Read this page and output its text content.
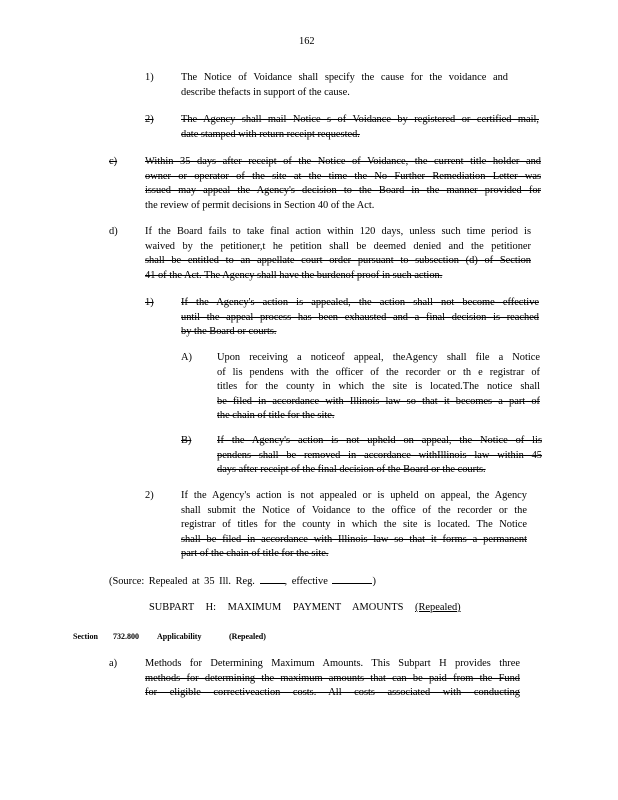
162
1)	The Notice of Voidance shall specify the cause for the voidance and
describe thefacts in support of the cause.
2)	The Agency shall mail Notice s of Voidance by registered or certified mail,
date stamped with return receipt requested.
c)	Within 35 days after receipt of the Notice of Voidance, the current title holder and
owner or operator of the site at the time the No Further Remediation Letter was
issued may appeal the Agency's decision to the Board in the manner provided for
the review of permit decisions in Section 40 of the Act.
d)	If the Board fails to take final action within 120 days, unless such time period is
waived by the petitioner,t he petition shall be deemed denied and the petitioner
shall be entitled to an appellate court order pursuant to subsection (d) of Section
41 of the Act. The Agency shall have the burdenof proof in such action.
1)	If the Agency's action is appealed, the action shall not become effective
until the appeal process has been exhausted and a final decision is reached
by the Board or courts.
A) Upon receiving a noticeof appeal, theAgency shall file a Notice
of lis pendens with the officer of the recorder or th e registrar of
titles for the county in which the site is located.The notice shall
be filed in accordance with Illinois law so that it becomes a part of
the chain of title for the site.
B) If the Agency's action is not upheld on appeal, the Notice of lis
pendens shall be removed in accordance withIllinois law within 45
days after receipt of the final decision of the Board or the courts.
2)	If the Agency's action is not appealed or is upheld on appeal, the Agency
shall submit the Notice of Voidance to the office of the recorder or the
registrar of titles for the county in which the site is located. The Notice
shall be filed in accordance with Illinois law so that it forms a permanent
part of the chain of title for the site.
(Source: Repealed at 35 Ill. Reg.	, effective	)
SUBPART H: MAXIMUM PAYMENT AMOUNTS (Repealed)
Section 732.800 Applicability	(Repealed)
a)	Methods for Determining Maximum Amounts. This Subpart H provides three
methods for determining the maximum amounts that can be paid from the Fund
for eligible correctiveaction costs. All costs associated with conducting
